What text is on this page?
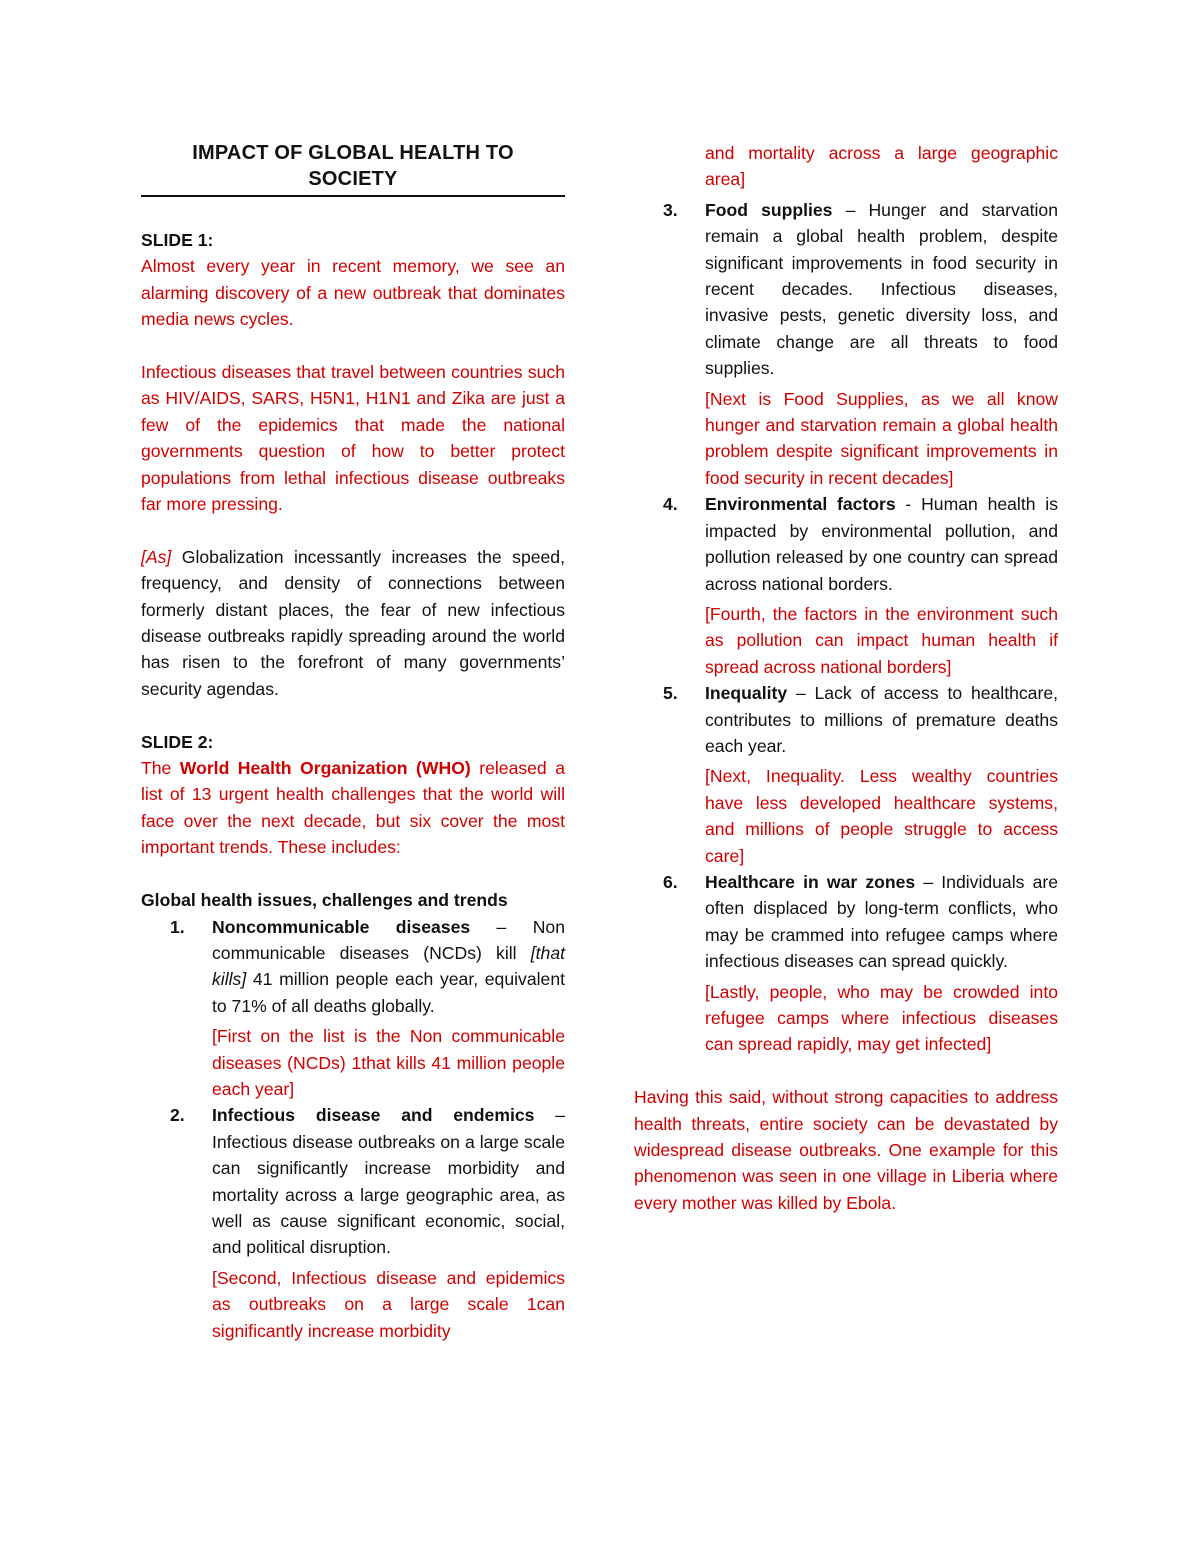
IMPACT OF GLOBAL HEALTH TO
SOCIETY

SLIDE 1:

Almost every year in recent memory, we see an alarming discovery of a new outbreak that dominates media news cycles.

Infectious diseases that travel between countries such as HIV/AIDS, SARS, H5N1, H1N1 and Zika are just a few of the epidemics that made the national governments question of how to better protect populations from lethal infectious disease outbreaks far more pressing.

[As] Globalization incessantly increases the speed, frequency, and density of connections between formerly distant places, the fear of new infectious disease outbreaks rapidly spreading around the world has risen to the forefront of many governments’ security agendas.

SLIDE 2:

The World Health Organization (WHO) released a list of 13 urgent health challenges that the world will face over the next decade, but six cover the most important trends. These includes:

Global health issues, challenges and trends

1. Noncommunicable diseases – Non communicable diseases (NCDs) kill [that kills] 41 million people each year, equivalent to 71% of all deaths globally.

[First on the list is the Non communicable diseases (NCDs) 1that kills 41 million people each year]

2. Infectious disease and endemics – Infectious disease outbreaks on a large scale can significantly increase morbidity and mortality across a large geographic area, as well as cause significant economic, social, and political disruption.

[Second, Infectious disease and epidemics as outbreaks on a large scale 1can significantly increase morbidity

and mortality across a large geographic area]

3. Food supplies – Hunger and starvation remain a global health problem, despite significant improvements in food security in recent decades. Infectious diseases, invasive pests, genetic diversity loss, and climate change are all threats to food supplies.

[Next is Food Supplies, as we all know hunger and starvation remain a global health problem despite significant improvements in food security in recent decades]

4. Environmental factors - Human health is impacted by environmental pollution, and pollution released by one country can spread across national borders.

[Fourth, the factors in the environment such as pollution can impact human health if spread across national borders]

5. Inequality – Lack of access to healthcare, contributes to millions of premature deaths each year.

[Next, Inequality. Less wealthy countries have less developed healthcare systems, and millions of people struggle to access care]

6. Healthcare in war zones – Individuals are often displaced by long-term conflicts, who may be crammed into refugee camps where infectious diseases can spread quickly.

[Lastly, people, who may be crowded into refugee camps where infectious diseases can spread rapidly, may get infected]

Having this said, without strong capacities to address health threats, entire society can be devastated by widespread disease outbreaks. One example for this phenomenon was seen in one village in Liberia where every mother was killed by Ebola.
